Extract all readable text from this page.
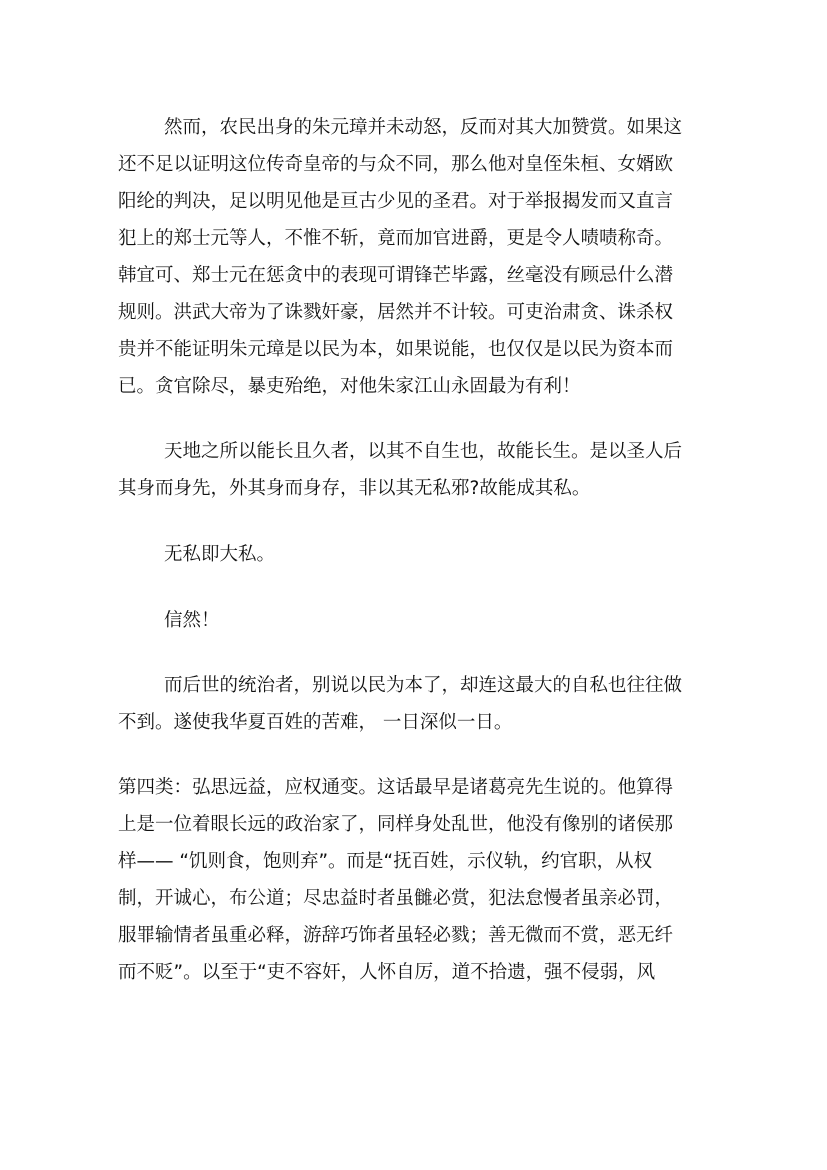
然而，农民出身的朱元璋并未动怒，反而对其大加赞赏。如果这

还不足以证明这位传奇皇帝的与众不同，那么他对皇侄朱桓、女婿欧

阳纶的判决，足以明见他是亘古少见的圣君。对于举报揭发而又直言

犯上的郑士元等人，不惟不斩，竟而加官进爵，更是令人啧啧称奇。

韩宜可、郑士元在惩贪中的表现可谓锋芒毕露，丝毫没有顾忌什么潜

规则。洪武大帝为了诛戮奸豪，居然并不计较。可吏治肃贪、诛杀权

贵并不能证明朱元璋是以民为本，如果说能，也仅仅是以民为资本而

已。贪官除尽，暴吏殆绝，对他朱家江山永固最为有利！

天地之所以能长且久者，以其不自生也，故能长生。是以圣人后

其身而身先，外其身而身存，非以其无私邪?故能成其私。

无私即大私。

信然！

而后世的统治者，别说以民为本了，却连这最大的自私也往往做

不到。遂使我华夏百姓的苦难， 一日深似一日。

第四类：弘思远益，应权通变。这话最早是诸葛亮先生说的。他算得

上是一位着眼长远的政治家了，同样身处乱世，他没有像别的诸侯那

样—— “饥则食，饱则弃”。而是“抚百姓，示仪轨，约官职，从权

制，开诚心，布公道；尽忠益时者虽雠必赏，犯法怠慢者虽亲必罚，

服罪输情者虽重必释，游辞巧饰者虽轻必戮；善无微而不赏，恶无纤

而不贬”。以至于“吏不容奸，人怀自厉，道不拾遗，强不侵弱，风
